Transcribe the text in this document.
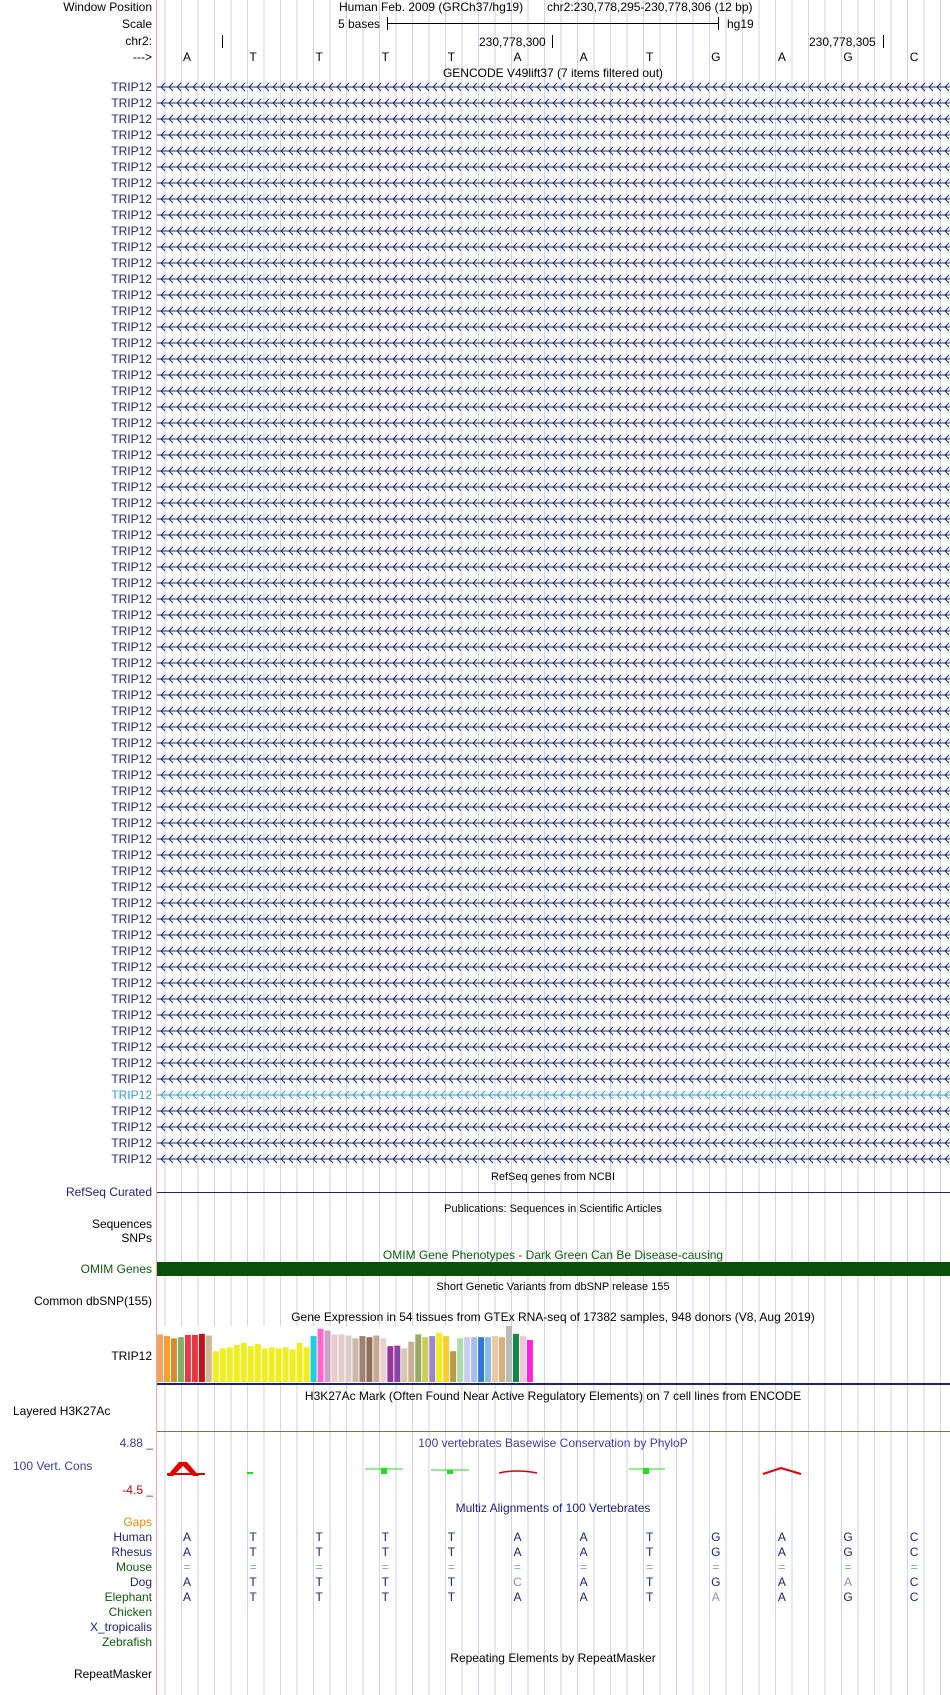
Window Position	Human Feb. 2009 (GRCh37/hg19) chr2:230,778,295-230,778,306 (12 bp)
Scale	5 bases	hg19
chr2:	230,778,300	230,778,305
--->	A	T	T	T	T	A	A	T	G	A	G	C
GENCODE V49lift37 (7 items filtered out)
TRIP12
TRIP12
TRIP12
TRIP12
TRIP12
TRIP12
TRIP12
TRIP12
TRIP12
TRIP12
TRIP12
TRIP12
TRIP12
TRIP12
TRIP12
TRIP12
TRIP12
TRIP12
TRIP12
TRIP12
TRIP12
TRIP12
TRIP12
TRIP12
TRIP12
TRIP12
TRIP12
TRIP12
TRIP12
TRIP12
TRIP12
TRIP12
TRIP12
TRIP12
TRIP12
TRIP12
TRIP12
TRIP12
TRIP12
TRIP12
TRIP12
TRIP12
TRIP12
TRIP12
TRIP12
TRIP12
TRIP12
TRIP12
TRIP12
TRIP12
TRIP12
TRIP12
TRIP12
TRIP12
TRIP12
TRIP12
TRIP12
TRIP12
TRIP12
TRIP12
TRIP12
TRIP12
TRIP12
TRIP12
TRIP12
TRIP12
TRIP12
TRIP12
RefSeq genes from NCBI
RefSeq Curated
Publications: Sequences in Scientific Articles
Sequences
SNPs
OMIM Gene Phenotypes - Dark Green Can Be Disease-causing
OMIM Genes
Short Genetic Variants from dbSNP release 155
Common dbSNP(155)
Gene Expression in 54 tissues from GTEx RNA-seq of 17382 samples, 948 donors (V8, Aug 2019)
TRIP12
H3K27Ac Mark (Often Found Near Active Regulatory Elements) on 7 cell lines from ENCODE
Layered H3K27Ac
100 vertebrates Basewise Conservation by PhyloP
4.88 _
100 Vert. Cons
-4.5 _
Multiz Alignments of 100 Vertebrates
Gaps
Human	A	T	T	T	T	A	A	T	G	A	G	C
Rhesus	A	T	T	T	T	A	A	T	G	A	G	C
Mouse	=	=	=	=	=	=	=	=	=	=	=	=
Dog	A	T	T	T	T	C	A	T	G	A	A	C
Elephant	A	T	T	T	T	A	A	T	A	A	G	C
Chicken
X_tropicalis
Zebrafish
Repeating Elements by RepeatMasker
RepeatMasker
